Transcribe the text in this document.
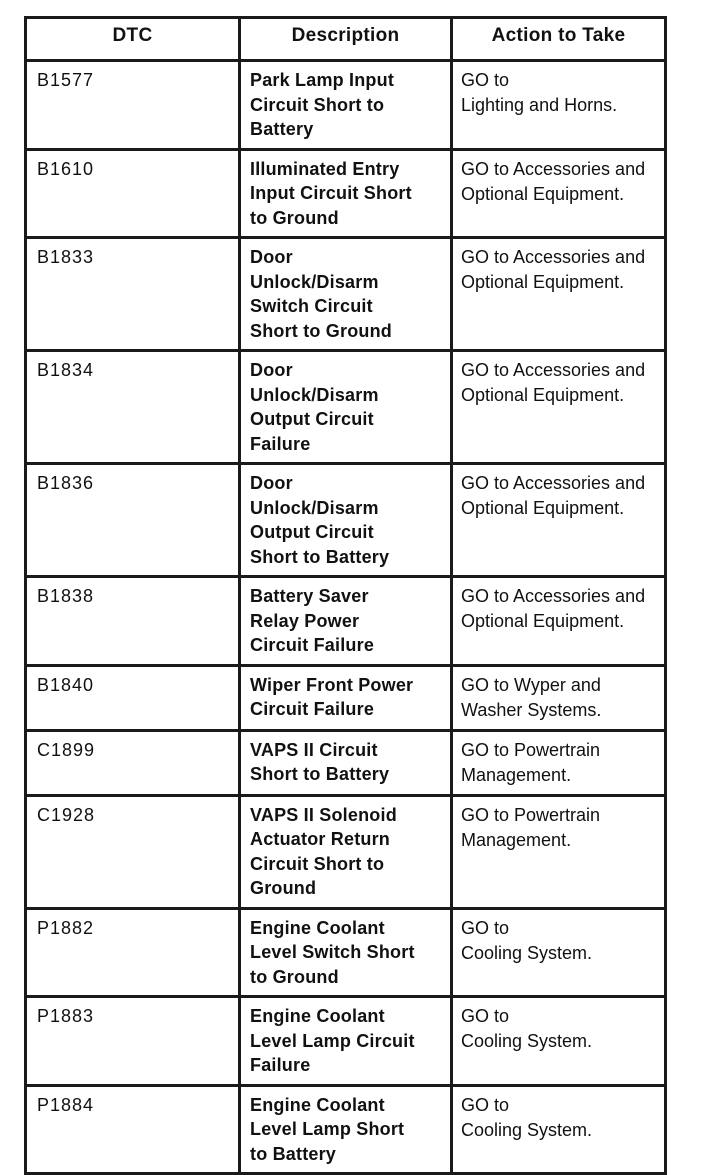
DTC	Description	Action to Take
B1577	Park Lamp Input
Circuit Short to
Battery	GO to
Lighting and Horns.

B1610	Illuminated Entry
Input Circuit Short
to Ground	GO to Accessories and
Optional Equipment.

B1833	Door
Unlock/Disarm
Switch Circuit
Short to Ground	GO to Accessories and
Optional Equipment.

B1834	Door
Unlock/Disarm
Output Circuit
Failure	GO to Accessories and
Optional Equipment.

B1836	Door
Unlock/Disarm
Output Circuit
Short to Battery	GO to Accessories and
Optional Equipment.

B1838	Battery Saver
Relay Power
Circuit Failure	GO to Accessories and
Optional Equipment.

B1840	Wiper Front Power
Circuit Failure	GO to Wyper and
Washer Systems.

C1899	VAPS II Circuit
Short to Battery	GO to Powertrain
Management.

C1928	VAPS II Solenoid
Actuator Return
Circuit Short to
Ground	GO to Powertrain
Management.

P1882	Engine Coolant
Level Switch Short
to Ground	GO to
Cooling System.

P1883	Engine Coolant
Level Lamp Circuit
Failure	GO to
Cooling System.

P1884	Engine Coolant
Level Lamp Short
to Battery	GO to
Cooling System.
